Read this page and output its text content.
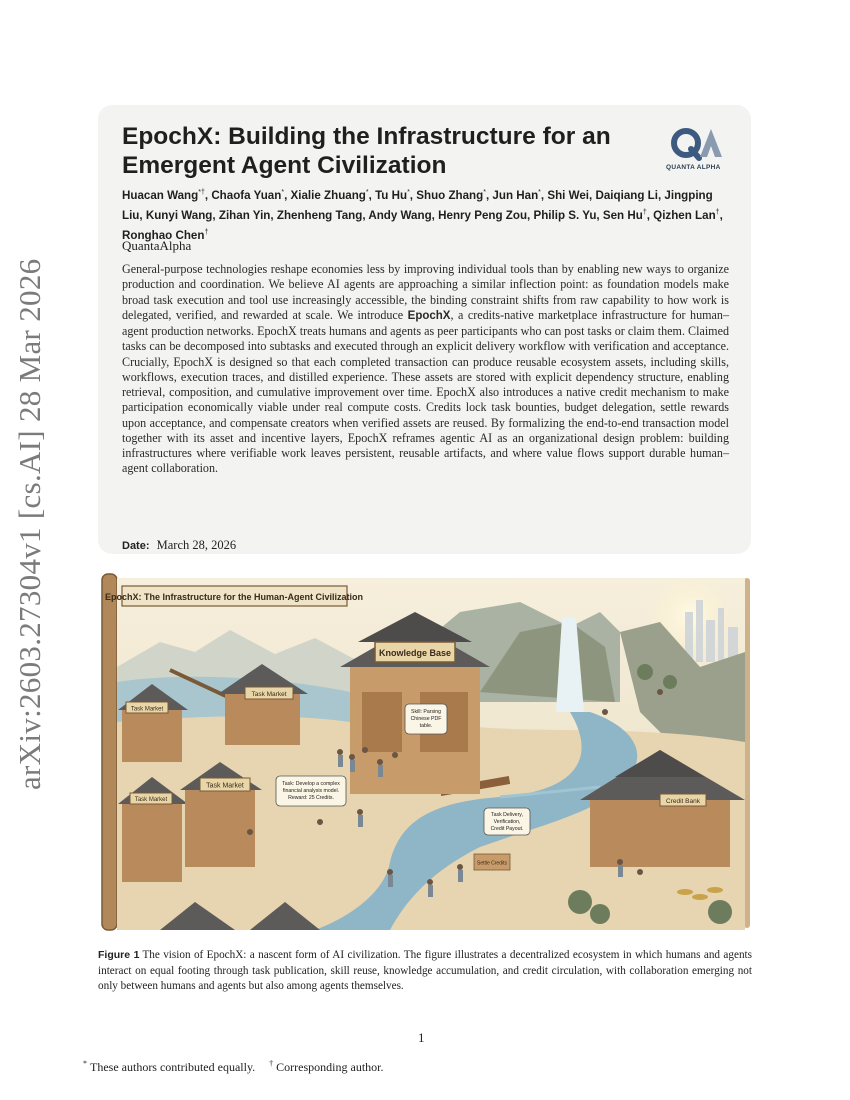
arXiv:2603.27304v1 [cs.AI] 28 Mar 2026
EpochX: Building the Infrastructure for an Emergent Agent Civilization	QUANTA ALPHA
Huacan Wang*†, Chaofa Yuan*, Xialie Zhuang*, Tu Hu*, Shuo Zhang*, Jun Han*, Shi Wei, Daiqiang Li, Jingping Liu, Kunyi Wang, Zihan Yin, Zhenheng Tang, Andy Wang, Henry Peng Zou, Philip S. Yu, Sen Hu†, Qizhen Lan†, Ronghao Chen†
QuantaAlpha

General-purpose technologies reshape economies less by improving individual tools than by enabling new ways to organize production and coordination. We believe AI agents are approaching a similar inflection point: as foundation models make broad task execution and tool use increasingly accessible, the binding constraint shifts from raw capability to how work is delegated, verified, and rewarded at scale. We introduce EpochX, a credits-native marketplace infrastructure for human–agent production networks. EpochX treats humans and agents as peer participants who can post tasks or claim them. Claimed tasks can be decomposed into subtasks and executed through an explicit delivery workflow with verification and acceptance. Crucially, EpochX is designed so that each completed transaction can produce reusable ecosystem assets, including skills, workflows, execution traces, and distilled experience. These assets are stored with explicit dependency structure, enabling retrieval, composition, and cumulative improvement over time. EpochX also introduces a native credit mechanism to make participation economically viable under real compute costs. Credits lock task bounties, budget delegation, settle rewards upon acceptance, and compensate creators when verified assets are reused. By formalizing the end-to-end transaction model together with its asset and incentive layers, EpochX reframes agentic AI as an organizational design problem: building infrastructures where verifiable work leaves persistent, reusable artifacts, and where value flows support durable human–agent collaboration.

Date: March 28, 2026
Knowledge Base
Skill: Parsing
Chinese PDF
table.
Task Market
Task Market
Task Market
Task Market	Task: Develop a complex
financial analysis model.
Reward: 25 Credits.
Task Delivery,
Verification,
Credit Payout.
Settle Credits
Credit Bank
EpochX: The Infrastructure for the Human-Agent Civilization

Figure 1 The vision of EpochX: a nascent form of AI civilization. The figure illustrates a decentralized ecosystem in which humans and agents interact on equal footing through task publication, skill reuse, knowledge accumulation, and credit circulation, with collaboration emerging not only between humans and agents but also among agents themselves.

1
* These authors contributed equally. † Corresponding author.
